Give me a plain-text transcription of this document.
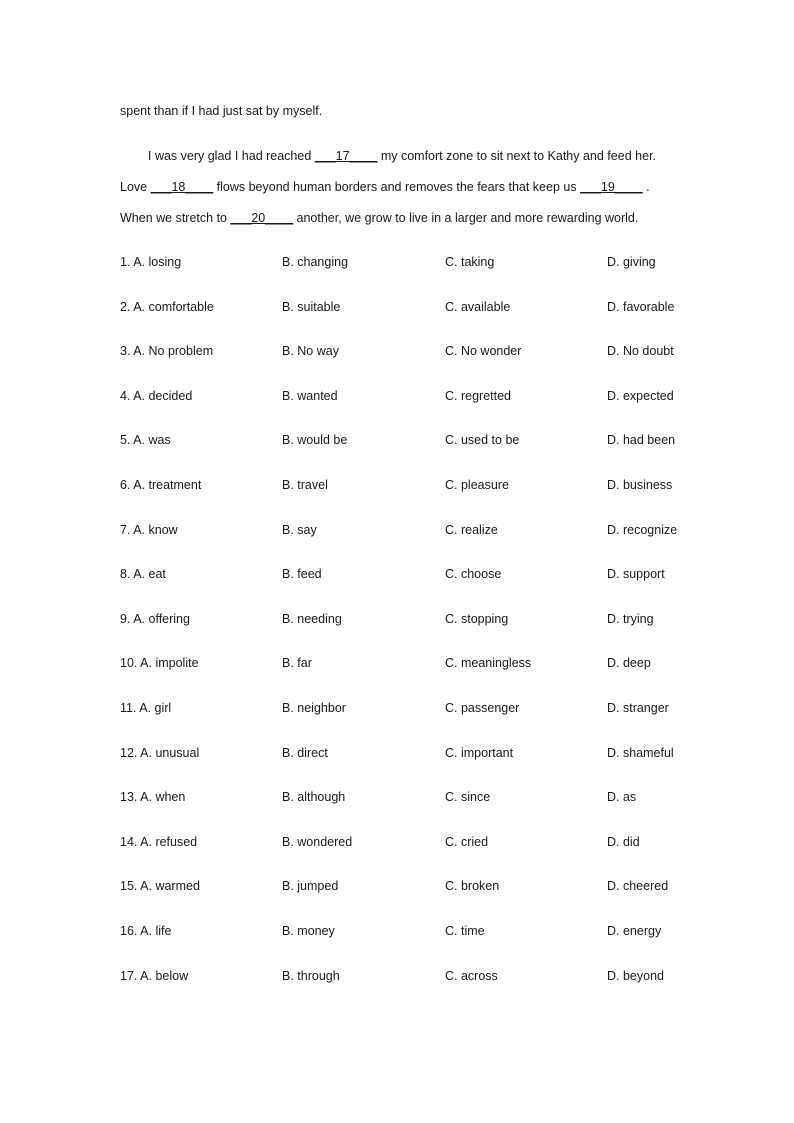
spent than if I had just sat by myself.
I was very glad I had reached ___17____ my comfort zone to sit next to Kathy and feed her.
Love ___18____ flows beyond human borders and removes the fears that keep us ___19____ .
When we stretch to ___20____ another, we grow to live in a larger and more rewarding world.
1. A. losing	B. changing	C. taking	D. giving
2. A. comfortable	B. suitable	C. available	D. favorable
3. A. No problem	B. No way	C. No wonder	D. No doubt
4. A. decided	B. wanted	C. regretted	D. expected
5. A. was	B. would be	C. used to be	D. had been
6. A. treatment	B. travel	C. pleasure	D. business
7. A. know	B. say	C. realize	D. recognize
8. A. eat	B. feed	C. choose	D. support
9. A. offering	B. needing	C. stopping	D. trying
10. A. impolite	B. far	C. meaningless	D. deep
11. A. girl	B. neighbor	C. passenger	D. stranger
12. A. unusual	B. direct	C. important	D. shameful
13. A. when	B. although	C. since	D. as
14. A. refused	B. wondered	C. cried	D. did
15. A. warmed	B. jumped	C. broken	D. cheered
16. A. life	B. money	C. time	D. energy
17. A. below	B. through	C. across	D. beyond
